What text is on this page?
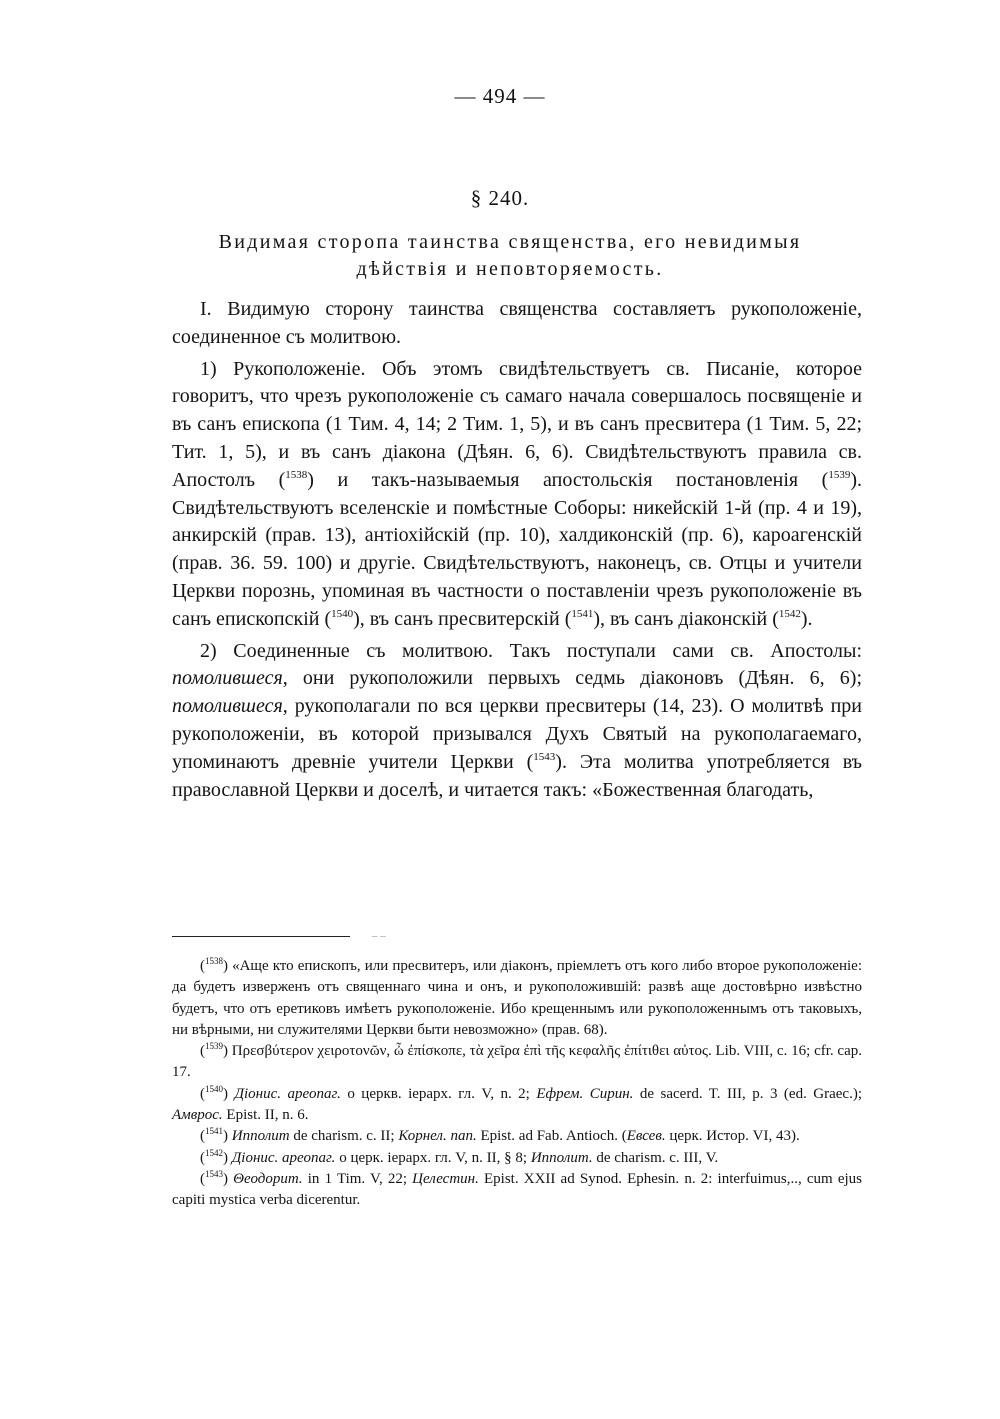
— 494 —
§ 240.
Видимая сторопа таинства священства, его невидимыя
дѣйствія и неповторяемость.

I. Видимую сторону таинства священства составляетъ рукоположеніе, соединенное съ молитвою.

1) Рукоположеніе. Объ этомъ свидѣтельствуетъ св. Писаніе, которое говоритъ, что чрезъ рукоположеніе съ самаго начала совершалось посвященіе и въ санъ епископа (1 Тим. 4, 14; 2 Тим. 1, 5), и въ санъ пресвитера (1 Тим. 5, 22; Тит. 1, 5), и въ санъ діакона (Дѣян. 6, 6). Свидѣтельствуютъ правила св. Апостолъ ($^{1538}$) и такъ-называемыя апостольскія постановленія ($^{1539}$). Свидѣтельствуютъ вселенскіе и помѣстные Соборы: никейскій 1-й (пр. 4 и 19), анкирскій (прав. 13), антіохійскій (пр. 10), халдиконскій (пр. 6), кароагенскій (прав. 36. 59. 100) и другіе. Свидѣтельствуютъ, наконецъ, св. Отцы и учители Церкви порознь, упоминая въ частности о поставленіи чрезъ рукоположеніе въ санъ епископскій ($^{1540}$), въ санъ пресвитерскій ($^{1541}$), въ санъ діаконскій ($^{1542}$).

2) Соединенные съ молитвою. Такъ поступали сами св. Апостолы: помолившеся, они рукоположили первыхъ седмь діаконовъ (Дѣян. 6, 6); помолившеся, рукополагали по вся церкви пресвитеры (14, 23). О молитвѣ при рукоположеніи, въ которой призывался Духъ Святый на рукополагаемаго, упоминаютъ древніе учители Церкви ($^{1543}$). Эта молитва употребляется въ православной Церкви и доселѣ, и читается такъ: «Божественная благодать,

‒ ‒

($^{1538}$) «Аще кто епископъ, или пресвитеръ, или діаконъ, пріемлетъ отъ кого либо второе рукоположеніе: да будетъ изверженъ отъ священнаго чина и онъ, и рукоположившій: развѣ аще достовѣрно извѣстно будетъ, что отъ еретиковъ имѣетъ рукоположеніе. Ибо крещеннымъ или рукоположеннымъ отъ таковыхъ, ни вѣрными, ни служителями Церкви быти невозможно» (прав. 68).

($^{1539}$) Πρεσβύτερον χειροτονῶν, ὦ ἐπίσκοπε, τὰ χεῖρα ἐπὶ τῆς κεφαλῆς ἐπίτιθει αὐτος. Lib. VIII, c. 16; cfr. cap. 17.

($^{1540}$) Діонис. ареопаг. о церкв. iерарх. гл. V, n. 2; Ефрем. Сирин. de sacerd. T. III, p. 3 (ed. Graec.); Амврос. Epist. II, n. 6.

($^{1541}$) Ипполит de charism. c. II; Корнел. пап. Epist. ad Fab. Antioch. (Евсев. церк. Истор. VI, 43).

($^{1542}$) Діонис. ареопаг. о церк. iерарх. гл. V, n. II, § 8; Ипполит. de charism. c. III, V.

($^{1543}$) Θеодорит. in 1 Tim. V, 22; Целестин. Epist. XXII ad Synod. Ephesin. n. 2: interfuimus,.., cum ejus capiti mystica verba dicerentur.
